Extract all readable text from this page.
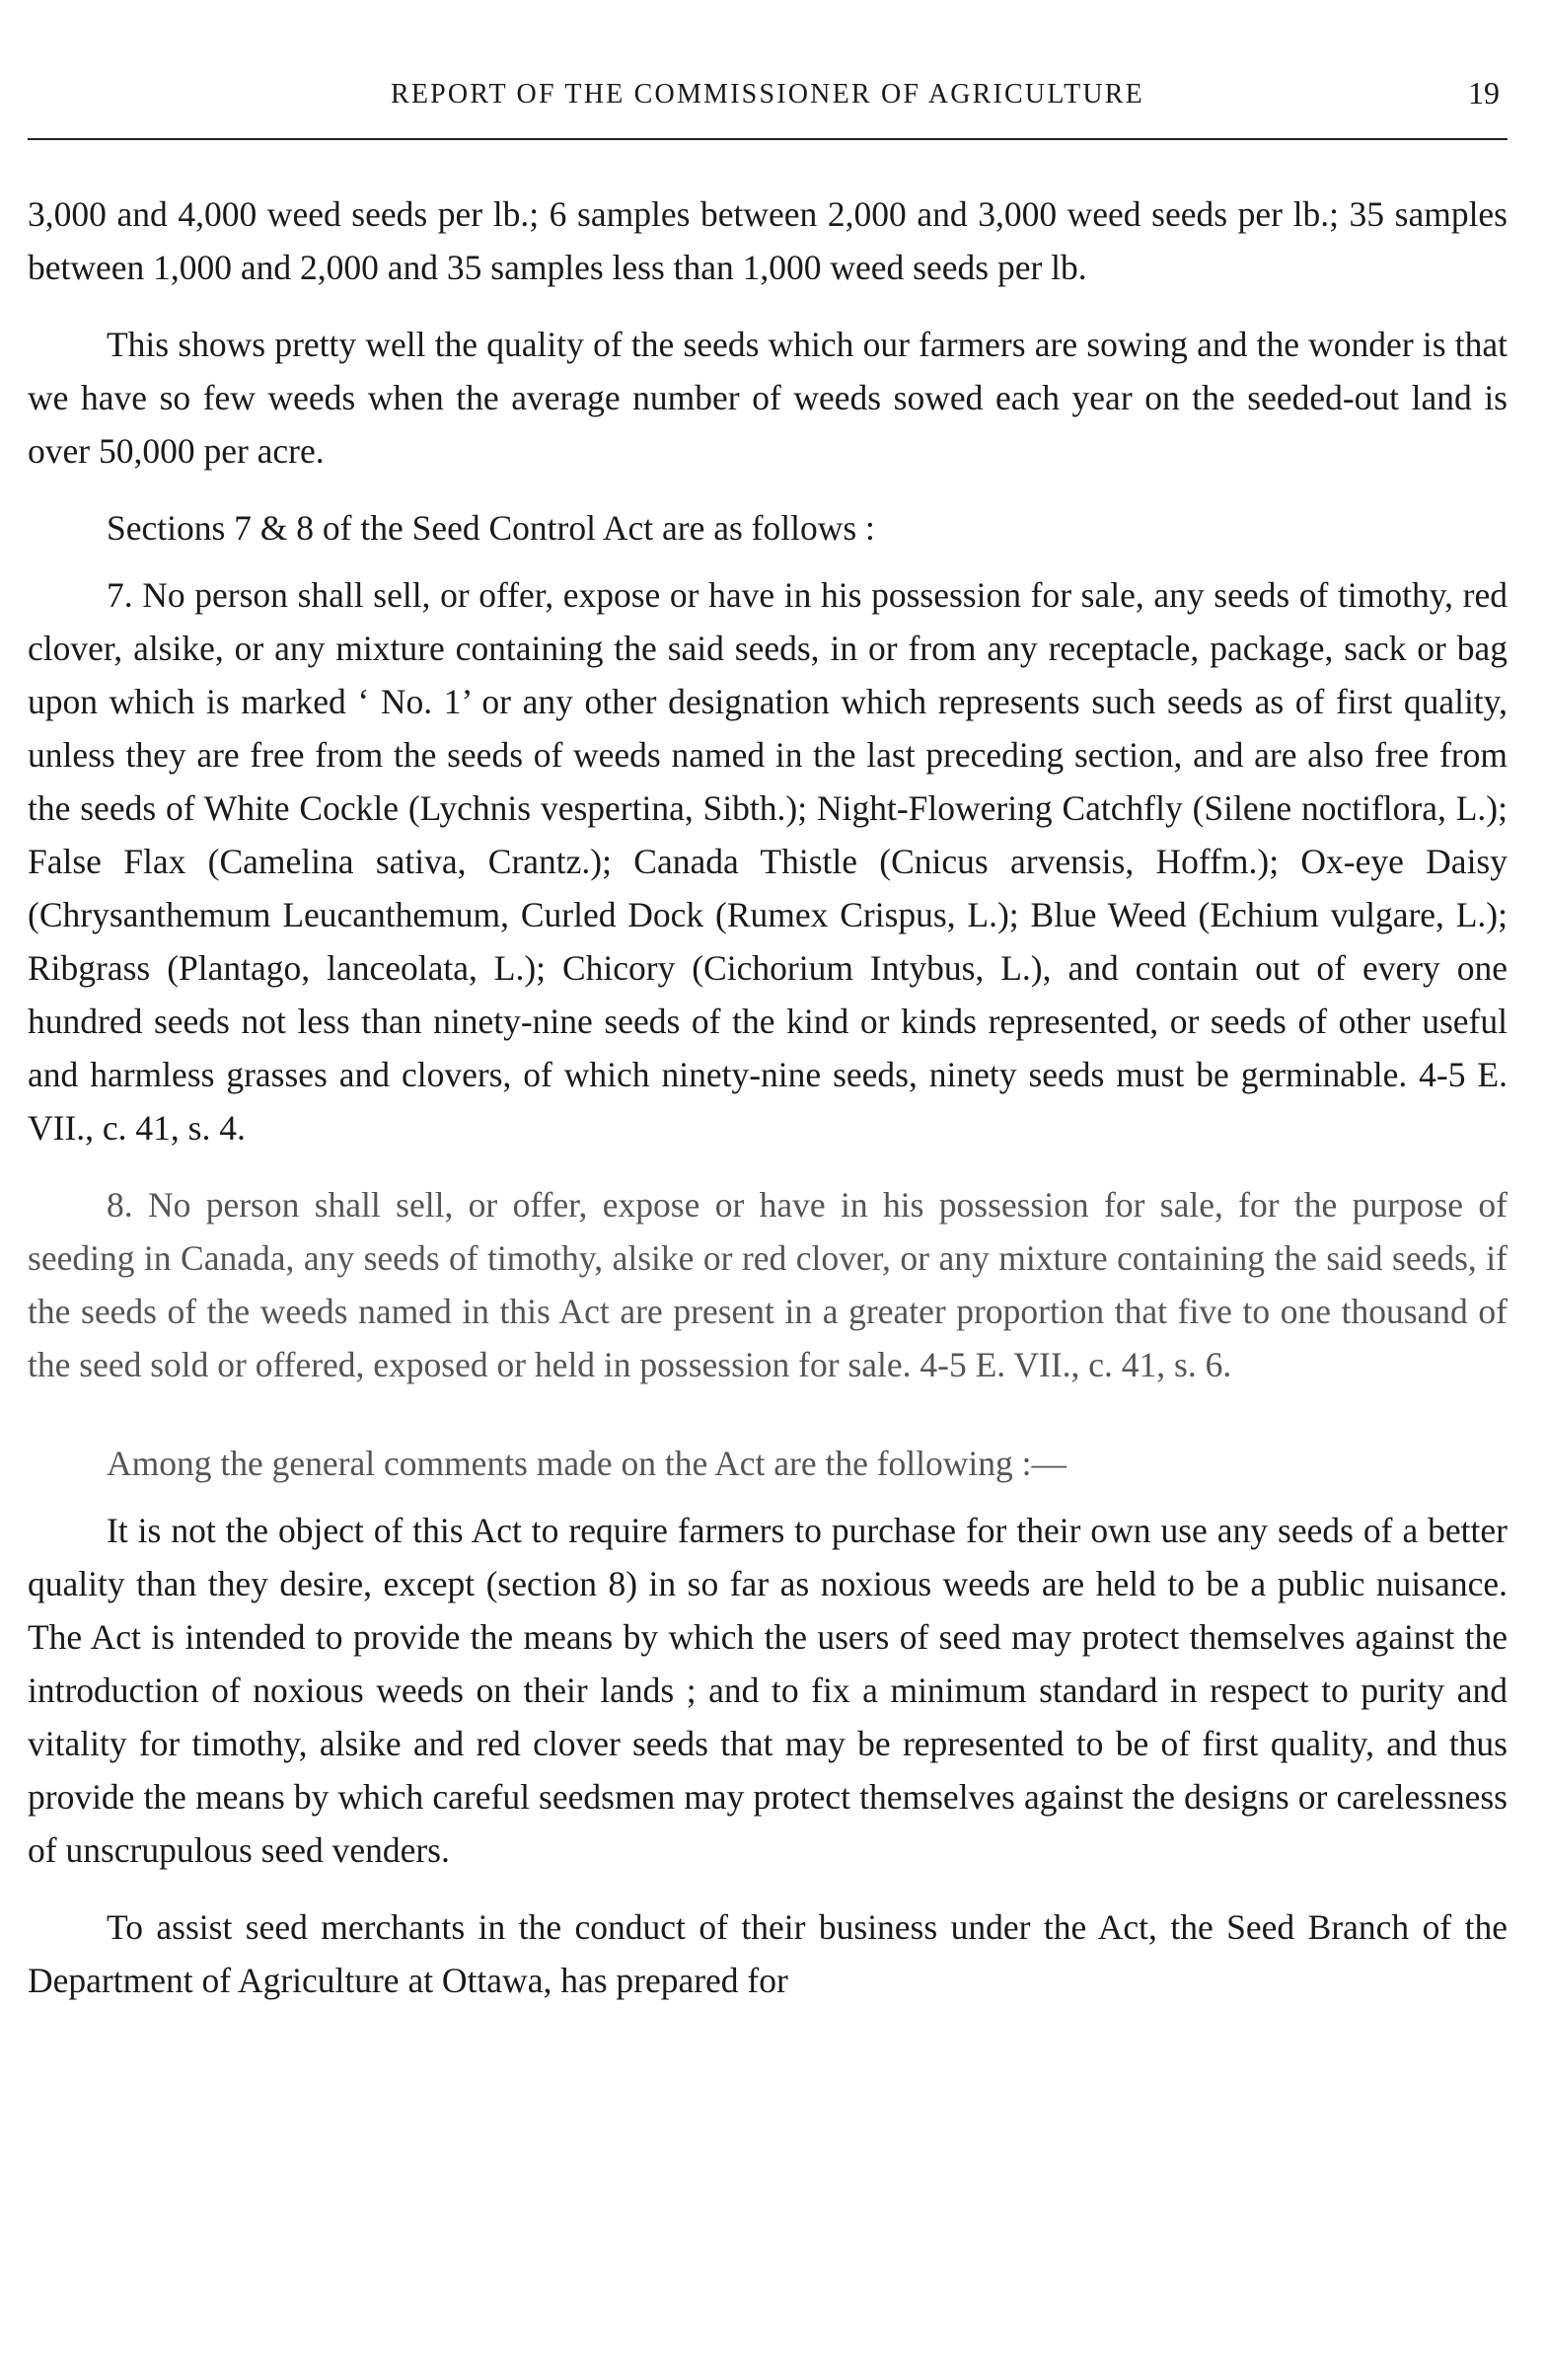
REPORT OF THE COMMISSIONER OF AGRICULTURE	19

3,000 and 4,000 weed seeds per lb.; 6 samples between 2,000 and 3,000 weed seeds per lb.; 35 samples between 1,000 and 2,000 and 35 samples less than 1,000 weed seeds per lb.

This shows pretty well the quality of the seeds which our farmers are sowing and the wonder is that we have so few weeds when the average number of weeds sowed each year on the seeded-out land is over 50,000 per acre.

Sections 7 & 8 of the Seed Control Act are as follows :

7. No person shall sell, or offer, expose or have in his possession for sale, any seeds of timothy, red clover, alsike, or any mixture containing the said seeds, in or from any receptacle, package, sack or bag upon which is marked ‘ No. 1’ or any other designation which represents such seeds as of first quality, unless they are free from the seeds of weeds named in the last preceding section, and are also free from the seeds of White Cockle (Lychnis vespertina, Sibth.); Night-Flowering Catchfly (Silene noctiflora, L.); False Flax (Camelina sativa, Crantz.); Canada Thistle (Cnicus arvensis, Hoffm.); Ox-eye Daisy (Chrysanthemum Leucanthemum, Curled Dock (Rumex Crispus, L.); Blue Weed (Echium vulgare, L.); Ribgrass (Plantago, lanceolata, L.); Chicory (Cichorium Intybus, L.), and contain out of every one hundred seeds not less than ninety-nine seeds of the kind or kinds represented, or seeds of other useful and harmless grasses and clovers, of which ninety-nine seeds, ninety seeds must be germinable. 4-5 E. VII., c. 41, s. 4.

8. No person shall sell, or offer, expose or have in his possession for sale, for the purpose of seeding in Canada, any seeds of timothy, alsike or red clover, or any mixture containing the said seeds, if the seeds of the weeds named in this Act are present in a greater proportion that five to one thousand of the seed sold or offered, exposed or held in possession for sale. 4-5 E. VII., c. 41, s. 6.

Among the general comments made on the Act are the following :—

It is not the object of this Act to require farmers to purchase for their own use any seeds of a better quality than they desire, except (section 8) in so far as noxious weeds are held to be a public nuisance. The Act is intended to provide the means by which the users of seed may protect themselves against the introduction of noxious weeds on their lands ; and to fix a minimum standard in respect to purity and vitality for timothy, alsike and red clover seeds that may be represented to be of first quality, and thus provide the means by which careful seedsmen may protect themselves against the designs or carelessness of unscrupulous seed venders.

To assist seed merchants in the conduct of their business under the Act, the Seed Branch of the Department of Agriculture at Ottawa, has prepared for
